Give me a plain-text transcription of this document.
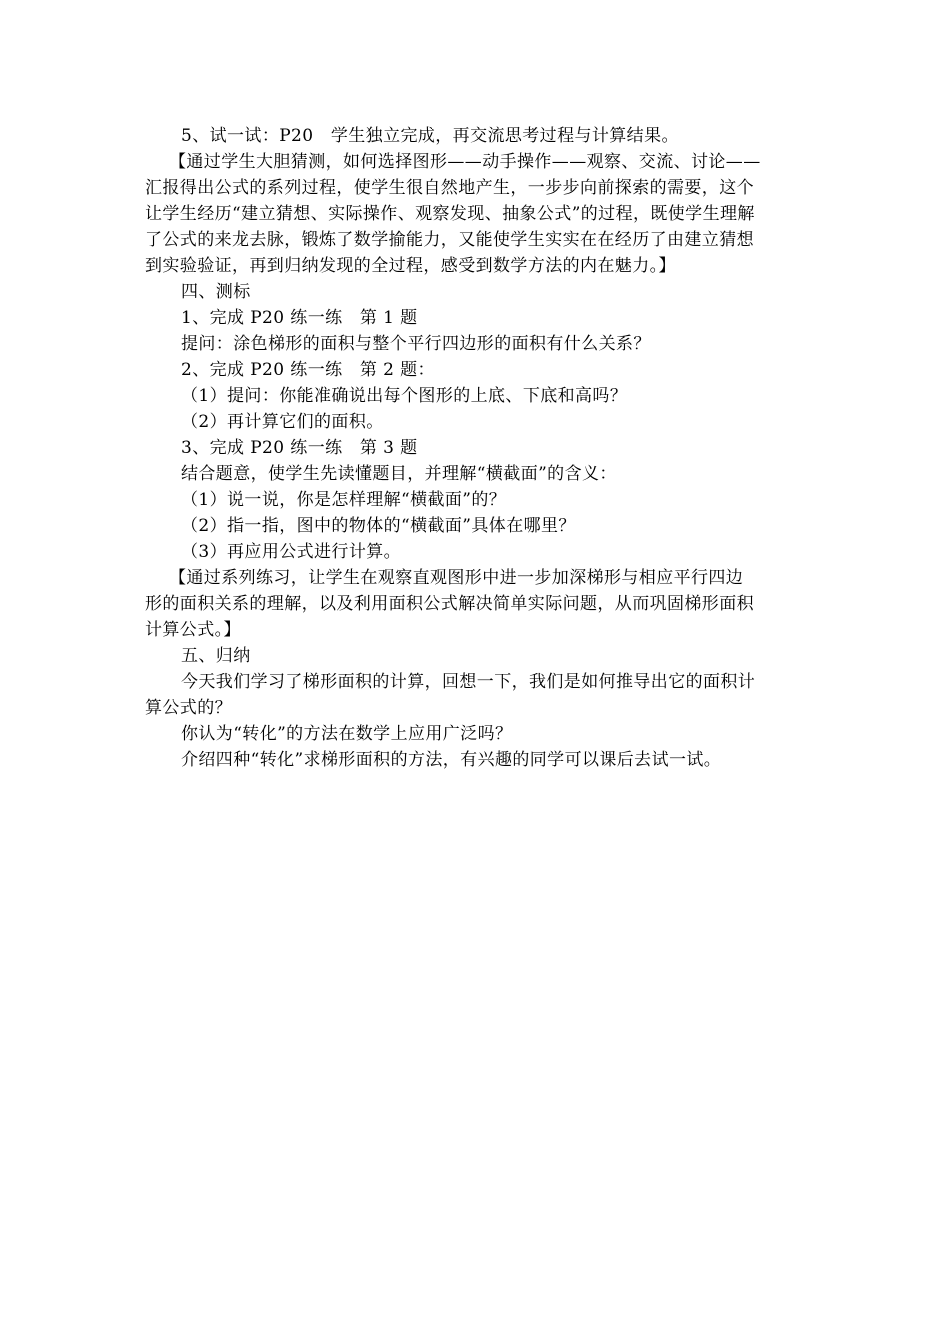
5、试一试：P20　学生独立完成，再交流思考过程与计算结果。
【通过学生大胆猜测，如何选择图形——动手操作——观察、交流、讨论——
汇报得出公式的系列过程，使学生很自然地产生，一步步向前探索的需要，这个
让学生经历“建立猜想、实际操作、观察发现、抽象公式”的过程，既使学生理解
了公式的来龙去脉，锻炼了数学揄能力，又能使学生实实在在经历了由建立猜想
到实验验证，再到归纳发现的全过程，感受到数学方法的内在魅力。】
四、测标
1、完成 P20 练一练　第 1 题
提问：涂色梯形的面积与整个平行四边形的面积有什么关系？
2、完成 P20 练一练　第 2 题：
（1）提问：你能准确说出每个图形的上底、下底和高吗？
（2）再计算它们的面积。
3、完成 P20 练一练　第 3 题
结合题意，使学生先读懂题目，并理解“横截面”的含义：
（1）说一说，你是怎样理解“横截面”的？
（2）指一指，图中的物体的“横截面”具体在哪里？
（3）再应用公式进行计算。
【通过系列练习，让学生在观察直观图形中进一步加深梯形与相应平行四边
形的面积关系的理解，以及利用面积公式解决简单实际问题，从而巩固梯形面积
计算公式。】
五、归纳
今天我们学习了梯形面积的计算，回想一下，我们是如何推导出它的面积计
算公式的？
你认为“转化”的方法在数学上应用广泛吗？
介绍四种“转化”求梯形面积的方法，有兴趣的同学可以课后去试一试。
